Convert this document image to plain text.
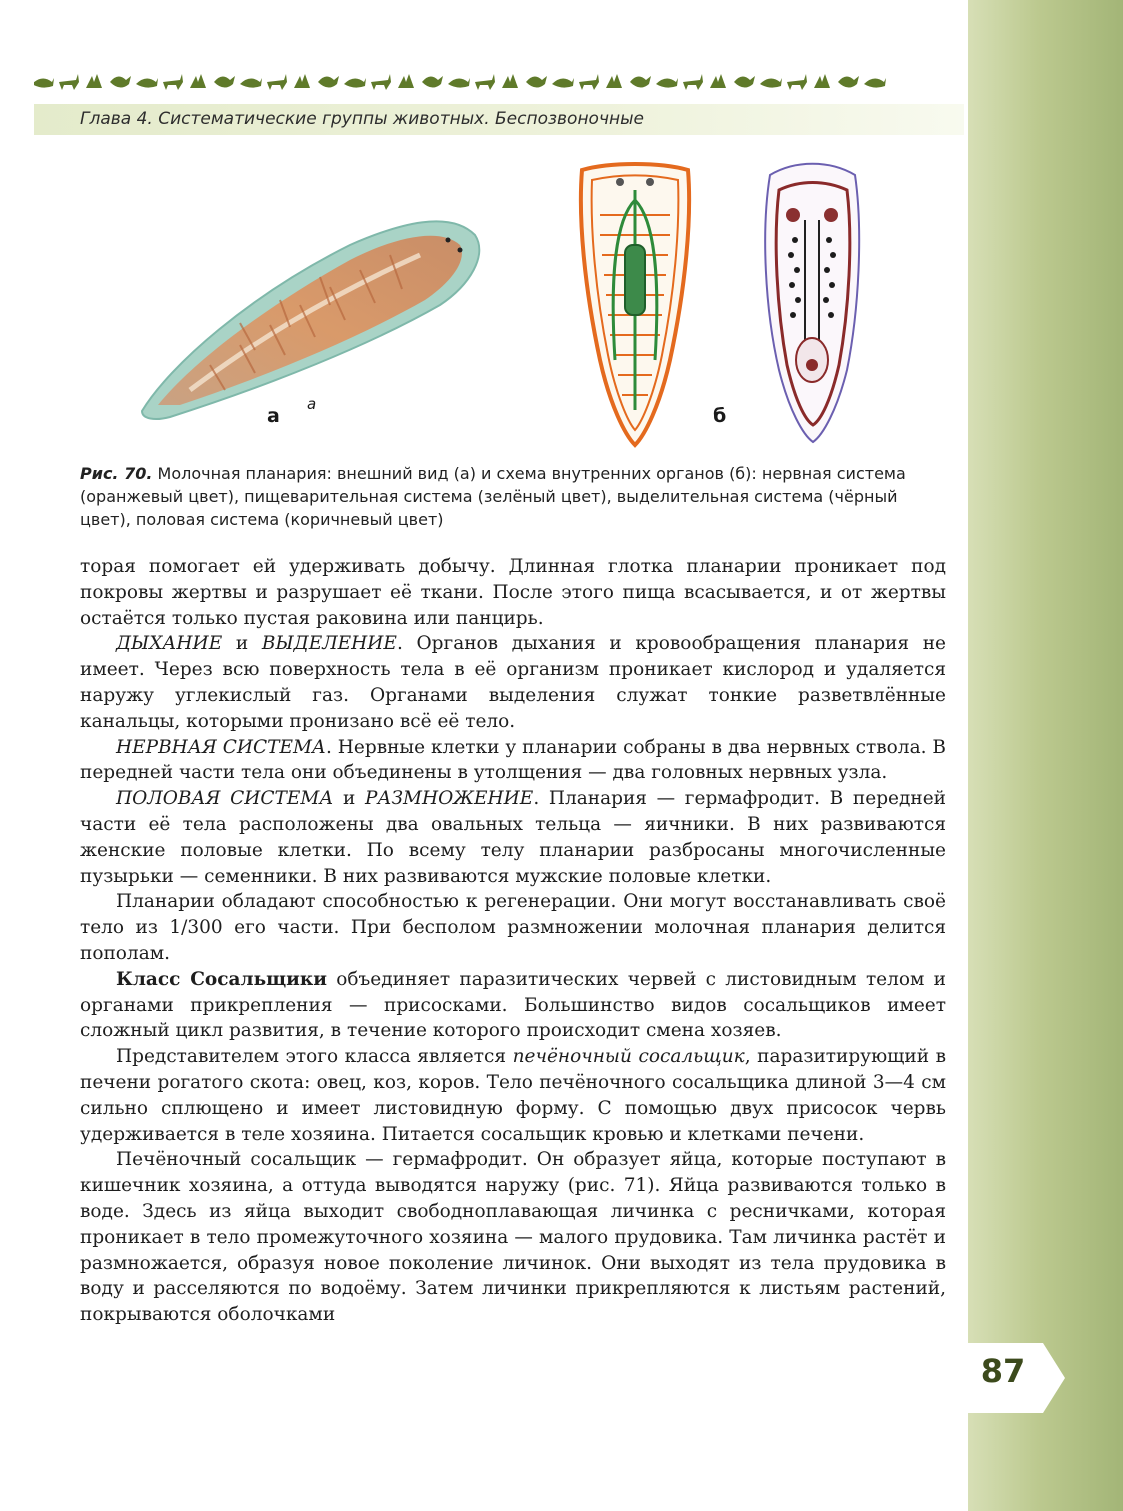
Глава 4. Систематические группы животных. Беспозвоночные
а
а
б
Рис. 70. Молочная планария: внешний вид (а) и схема внутренних органов (б): нервная система (оранжевый цвет), пищеварительная система (зелёный цвет), выделительная система (чёрный цвет), половая система (коричневый цвет)

торая помогает ей удерживать добычу. Длинная глотка планарии проникает под покровы жертвы и разрушает её ткани. После этого пища всасывается, и от жертвы остаётся только пустая раковина или панцирь.

ДЫХАНИЕ и ВЫДЕЛЕНИЕ. Органов дыхания и кровообращения планария не имеет. Через всю поверхность тела в её организм проникает кислород и удаляется наружу углекислый газ. Органами выделения служат тонкие разветвлённые канальцы, которыми пронизано всё её тело.

НЕРВНАЯ СИСТЕМА. Нервные клетки у планарии собраны в два нервных ствола. В передней части тела они объединены в утолщения — два головных нервных узла.

ПОЛОВАЯ СИСТЕМА и РАЗМНОЖЕНИЕ. Планария — гермафродит. В передней части её тела расположены два овальных тельца — яичники. В них развиваются женские половые клетки. По всему телу планарии разбросаны многочисленные пузырьки — семенники. В них развиваются мужские половые клетки.

Планарии обладают способностью к регенерации. Они могут восстанавливать своё тело из 1/300 его части. При бесполом размножении молочная планария делится пополам.

Класс Сосальщики объединяет паразитических червей с листовидным телом и органами прикрепления — присосками. Большинство видов сосальщиков имеет сложный цикл развития, в течение которого происходит смена хозяев.

Представителем этого класса является печёночный сосальщик, паразитирующий в печени рогатого скота: овец, коз, коров. Тело печёночного сосальщика длиной 3—4 см сильно сплющено и имеет листовидную форму. С помощью двух присосок червь удерживается в теле хозяина. Питается сосальщик кровью и клетками печени.

Печёночный сосальщик — гермафродит. Он образует яйца, которые поступают в кишечник хозяина, а оттуда выводятся наружу (рис. 71). Яйца развиваются только в воде. Здесь из яйца выходит свободноплавающая личинка с ресничками, которая проникает в тело промежуточного хозяина — малого прудовика. Там личинка растёт и размножается, образуя новое поколение личинок. Они выходят из тела прудовика в воду и расселяются по водоёму. Затем личинки прикрепляются к листьям растений, покрываются оболочками

87
